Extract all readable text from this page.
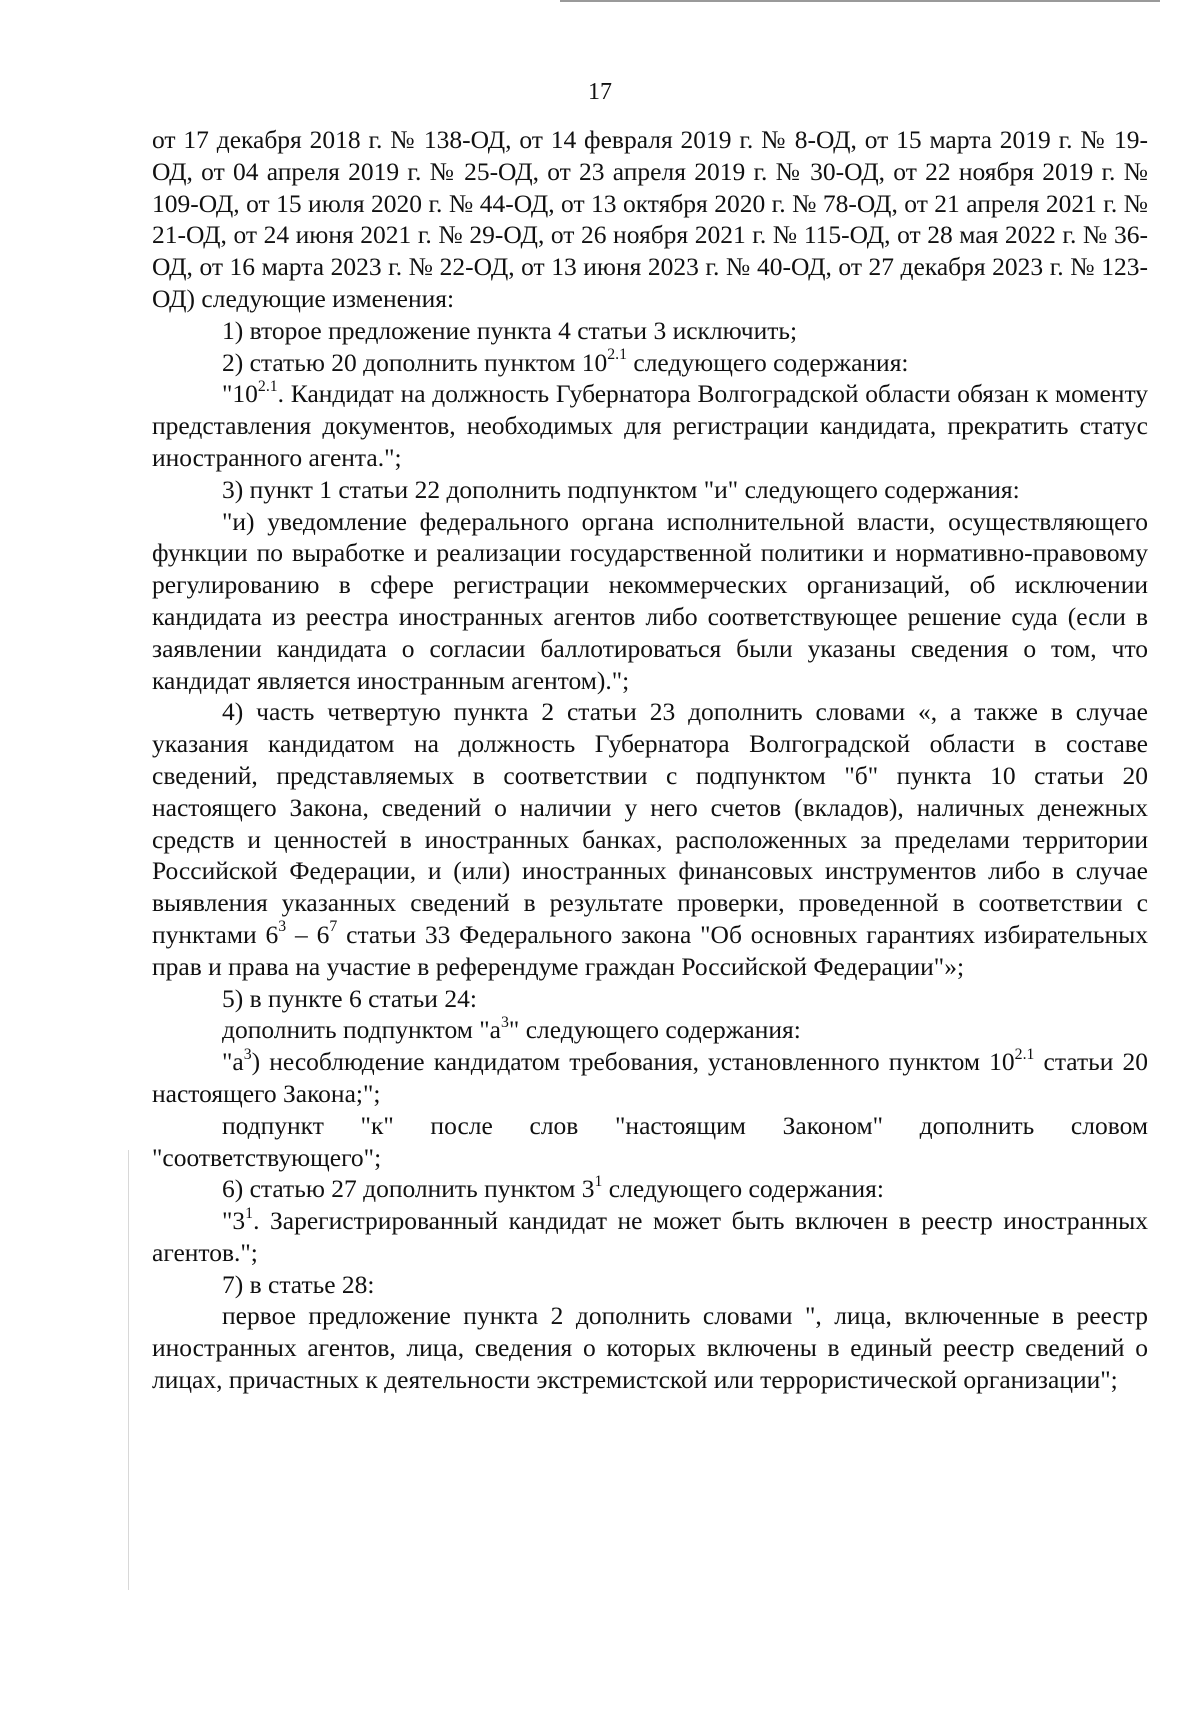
17

от 17 декабря 2018 г. № 138-ОД, от 14 февраля 2019 г. № 8-ОД, от 15 марта 2019 г. № 19-ОД, от 04 апреля 2019 г. № 25-ОД, от 23 апреля 2019 г. № 30-ОД, от 22 ноября 2019 г. № 109-ОД, от 15 июля 2020 г. № 44-ОД, от 13 октября 2020 г. № 78-ОД, от 21 апреля 2021 г. № 21-ОД, от 24 июня 2021 г. № 29-ОД, от 26 ноября 2021 г. № 115-ОД, от 28 мая 2022 г. № 36-ОД, от 16 марта 2023 г. № 22-ОД, от 13 июня 2023 г. № 40-ОД, от 27 декабря 2023 г. № 123-ОД) следующие изменения:

1) второе предложение пункта 4 статьи 3 исключить;

2) статью 20 дополнить пунктом $10^{2.1}$ следующего содержания:

"$10^{2.1}$. Кандидат на должность Губернатора Волгоградской области обязан к моменту представления документов, необходимых для регистрации кандидата, прекратить статус иностранного агента.";

3) пункт 1 статьи 22 дополнить подпунктом "и" следующего содержания:

"и) уведомление федерального органа исполнительной власти, осуществляющего функции по выработке и реализации государственной политики и нормативно-правовому регулированию в сфере регистрации некоммерческих организаций, об исключении кандидата из реестра иностранных агентов либо соответствующее решение суда (если в заявлении кандидата о согласии баллотироваться были указаны сведения о том, что кандидат является иностранным агентом).";

4) часть четвертую пункта 2 статьи 23 дополнить словами «, а также в случае указания кандидатом на должность Губернатора Волгоградской области в составе сведений, представляемых в соответствии с подпунктом "б" пункта 10 статьи 20 настоящего Закона, сведений о наличии у него счетов (вкладов), наличных денежных средств и ценностей в иностранных банках, расположенных за пределами территории Российской Федерации, и (или) иностранных финансовых инструментов либо в случае выявления указанных сведений в результате проверки, проведенной в соответствии с пунктами $6^3 - 6^7$ статьи 33 Федерального закона "Об основных гарантиях избирательных прав и права на участие в референдуме граждан Российской Федерации"»;

5) в пункте 6 статьи 24:

дополнить подпунктом "$а^3$" следующего содержания:

"$а^3$) несоблюдение кандидатом требования, установленного пунктом $10^{2.1}$ статьи 20 настоящего Закона;";

подпункт "к" после слов "настоящим Законом" дополнить словом "соответствующего";

6) статью 27 дополнить пунктом $3^1$ следующего содержания:

"$3^1$. Зарегистрированный кандидат не может быть включен в реестр иностранных агентов.";

7) в статье 28:

первое предложение пункта 2 дополнить словами ", лица, включенные в реестр иностранных агентов, лица, сведения о которых включены в единый реестр сведений о лицах, причастных к деятельности экстремистской или террористической организации";
